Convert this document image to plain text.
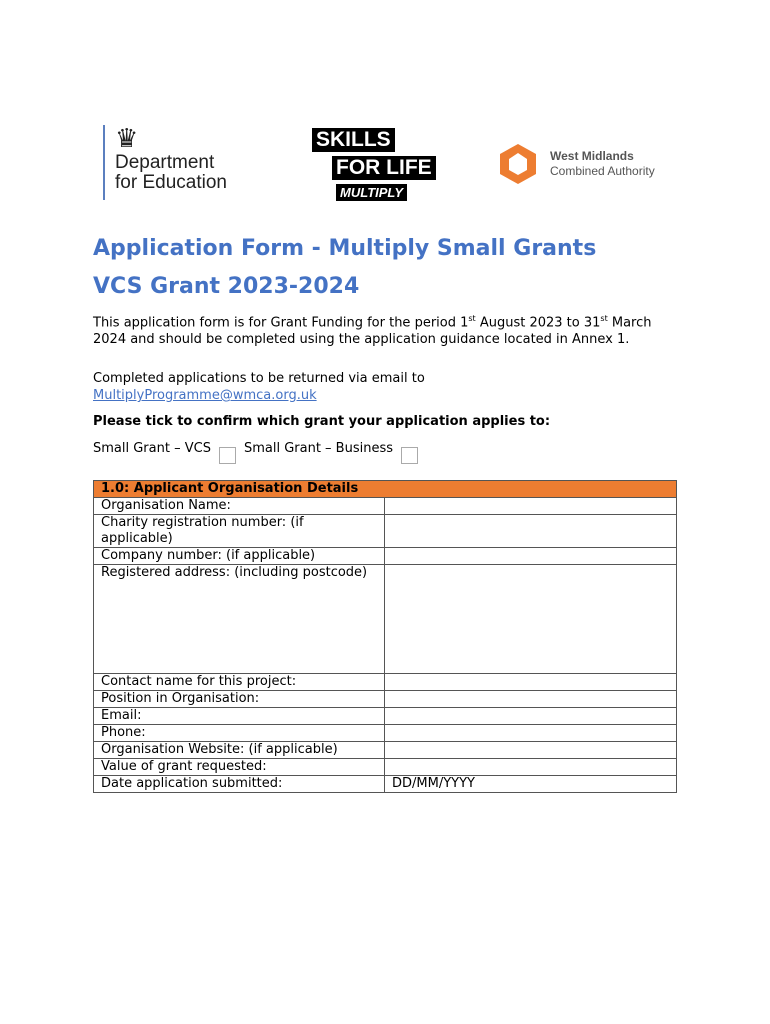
♛
Department
for Education
SKILLS
FOR LIFE
MULTIPLY
West Midlands
Combined Authority
Application Form - Multiply Small Grants
VCS Grant 2023-2024

This application form is for Grant Funding for the period 1st August 2023 to 31st March 2024 and should be completed using the application guidance located in Annex 1.

Completed applications to be returned via email to
MultiplyProgramme@wmca.org.uk

Please tick to confirm which grant your application applies to:

Small Grant – VCS	Small Grant – Business

1.0: Applicant Organisation Details	
Organisation Name:	
Charity registration number: (if applicable)	
Company number: (if applicable)	
Registered address: (including postcode)	
Contact name for this project:	
Position in Organisation:	
Email:	
Phone:	
Organisation Website: (if applicable)	
Value of grant requested:	
Date application submitted:	DD/MM/YYYY
